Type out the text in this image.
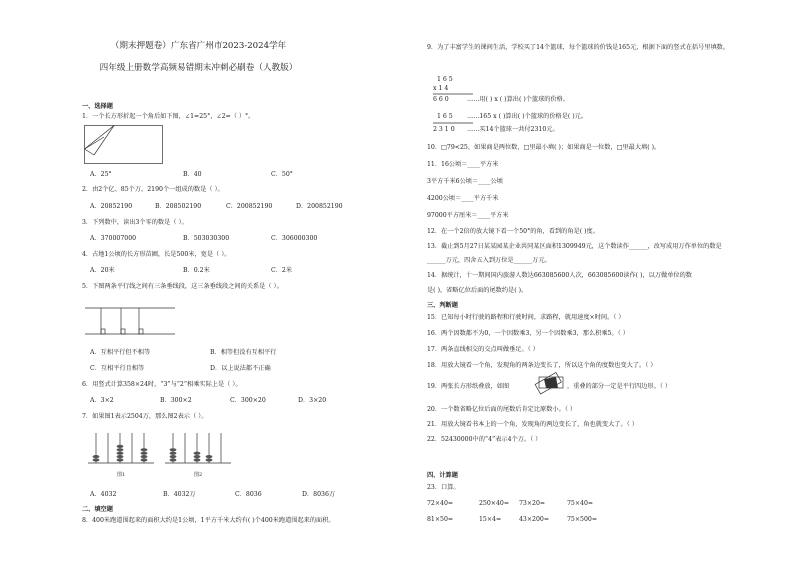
（期末押题卷）广东省广州市2023-2024学年
四年级上册数学高频易错期末冲刺必刷卷（人教版）
一、选择题
1．一个长方形折起一个角后如下图，∠1=25°，∠2=（ ）°。
A．25°	B．40	C．50°
2．由2个亿、85个万，2190个一组成的数是（ ）。
A．20852190	B．208502190	C．200852190	D．200852190
3．下列数中，读出3个零的数是（ ）。
A．370007000	B．503030300	C．306000300
4．占地1公顷的长方形苗圃，长是500米，宽是（ ）。
A．20米	B．0.2米	C．2米
5．下图两条平行线之间有三条垂线段，这三条垂线段之间的关系是（ ）。
A．互相平行但不相等	B．相等但没有互相平行
C．互相平行且相等	D．以上说法都不正确
6．用竖式计算358×24时，“3”与“2”相乘实际上是（ ）。
A．3×2	B．300×2	C．300×20	D．3×20
7．如果图1表示2504万，那么图2表示（ ）。
图1	图2
A．4032	B．4032万	C．8036	D．8036万
二、填空题
8．400米跑道围起来的面积大约是1公顷，1平方千米大约有( )个400米跑道围起来的面积。
9．为了丰富学生的课间生活，学校买了14个篮球，每个篮球的价钱是165元，根据下面的竖式在括号里填数。
1 6 5
x 1 4
6 6 0	……用( ) x ( )算出( )个篮球的价格。
1 6 5 ……165 x ( )算出( )个篮球的价格是( )元。
2 3 1 0 ……买14个篮球一共付2310元。
10．□79<25，如果商是两位数，□里最小填( )；如果商是一位数，□里最大填( )。
11．16公顷＝____平方米
3平方千米6公顷＝____公顷
4200公顷＝____平方千米
97000平方厘米＝____平方米
12．在一个2倍的放大镜下看一个50°的角，看到的角是( )度。
13．截止到5月27日某某园某企业共同某区面积1309949元，这个数读作______，改写成用万作单位的数是
______万元，四舍五入到万位是______万元。
14．据统计，十一期间国内旅游人数达663085600人次，663085600读作( )，以万做单位的数
是( )，省略亿位后面的尾数约是( )。
三、判断题
15．已知每小时行驶的路程和行驶时间，求路程，就用速度×时间。（ ）
16．两个因数都不为0，一个因数乘3，另一个因数乘3，那么积乘5。（ ）
17．两条直线相交的交点叫做垂足。（ ）
18．用放大镜看一个角，发现角的两条边变长了，所以这个角的度数也变大了。（ ）
19．两张长方形纸叠放，如图	，重叠的部分一定是平行四边形。（ ）
20．一个数省略亿位后面的尾数后肯定比原数小。（ ）
21．用放大镜看书本上的一个角，发现角的两边变长了，角也就变大了。（ ）
22．52430000中的“4”表示4个万。（ ）
四、计算题
23．口算。
72×40=	250×40= 73×20=	75×40=
81×50=	15×4=	43×200=	75×500=
